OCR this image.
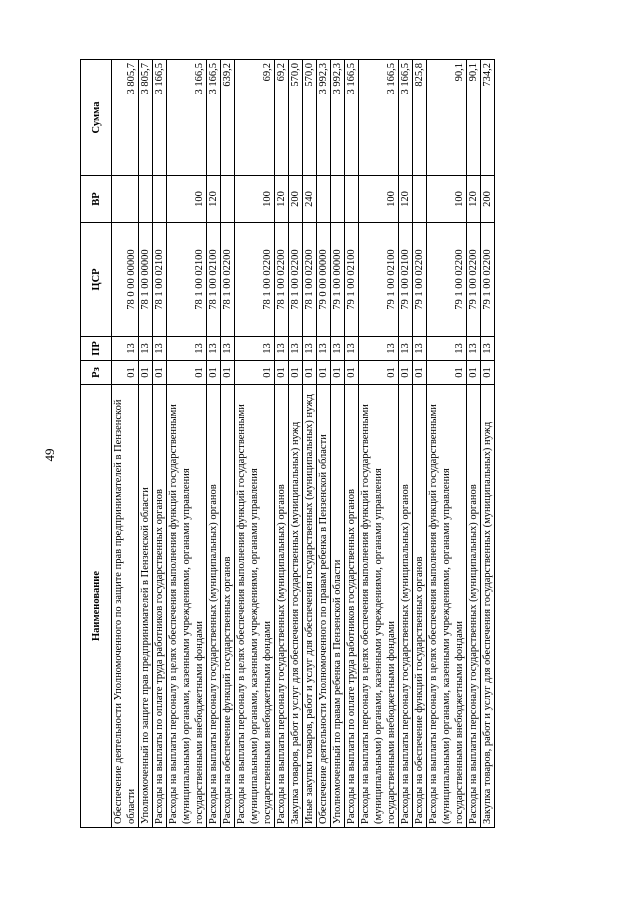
49
Наименование	Рз	ПР	ЦСР	ВР	Сумма
Обеспечение деятельности Уполномоченного по защите прав предпринимателей в Пензенской области	01	13	78 0 00 00000		3 805,7
Уполномоченный по защите прав предпринимателей в Пензенской области	01	13	78 1 00 00000		3 805,7
Расходы на выплаты по оплате труда работников государственных органов	01	13	78 1 00 02100		3 166,5
Расходы на выплаты персоналу в целях обеспечения выполнения функций государственными (муниципальными) органами, казенными учреждениями, органами управления государственными внебюджетными фондами	01	13	78 1 00 02100	100	3 166,5
Расходы на выплаты персоналу государственных (муниципальных) органов	01	13	78 1 00 02100	120	3 166,5
Расходы на обеспечение функций государственных органов	01	13	78 1 00 02200		639,2
Расходы на выплаты персоналу в целях обеспечения выполнения функций государственными (муниципальными) органами, казенными учреждениями, органами управления государственными внебюджетными фондами	01	13	78 1 00 02200	100	69,2
Расходы на выплаты персоналу государственных (муниципальных) органов	01	13	78 1 00 02200	120	69,2
Закупка товаров, работ и услуг для обеспечения государственных (муниципальных) нужд	01	13	78 1 00 02200	200	570,0
Иные закупки товаров, работ и услуг для обеспечения государственных (муниципальных) нужд	01	13	78 1 00 02200	240	570,0
Обеспечение деятельности Уполномоченного по правам ребенка в Пензенской области	01	13	79 0 00 00000		3 992,3
Уполномоченный по правам ребенка в Пензенской области	01	13	79 1 00 00000		3 992,3
Расходы на выплаты по оплате труда работников государственных органов	01	13	79 1 00 02100		3 166,5
Расходы на выплаты персоналу в целях обеспечения выполнения функций государственными (муниципальными) органами, казенными учреждениями, органами управления государственными внебюджетными фондами	01	13	79 1 00 02100	100	3 166,5
Расходы на выплаты персоналу государственных (муниципальных) органов	01	13	79 1 00 02100	120	3 166,5
Расходы на обеспечение функций государственных органов	01	13	79 1 00 02200		825,8
Расходы на выплаты персоналу в целях обеспечения выполнения функций государственными (муниципальными) органами, казенными учреждениями, органами управления государственными внебюджетными фондами	01	13	79 1 00 02200	100	90,1
Расходы на выплаты персоналу государственных (муниципальных) органов	01	13	79 1 00 02200	120	90,1
Закупка товаров, работ и услуг для обеспечения государственных (муниципальных) нужд	01	13	79 1 00 02200	200	734,2
